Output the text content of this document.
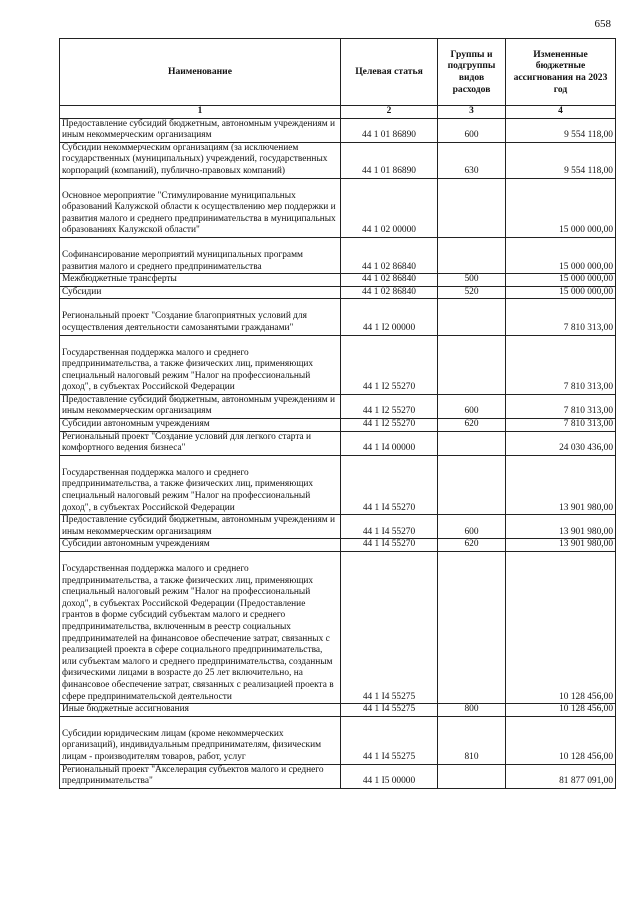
658
Наименование	Целевая статья	Группы и подгруппы видов расходов	Измененные бюджетные ассигнования на 2023 год
1	2	3	4
Предоставление субсидий бюджетным, автономным учреждениям и иным некоммерческим организациям	44 1 01 86890	600	9 554 118,00
Субсидии некоммерческим организациям (за исключением государственных (муниципальных) учреждений, государственных корпораций (компаний), публично-правовых компаний)	44 1 01 86890	630	9 554 118,00

Основное мероприятие "Стимулирование муниципальных образований Калужской области к осуществлению мер поддержки и развития малого и среднего предпринимательства в муниципальных образованиях Калужской области"	44 1 02 00000		15 000 000,00

Софинансирование мероприятий муниципальных программ развития малого и среднего предпринимательства	44 1 02 86840		15 000 000,00
Межбюджетные трансферты	44 1 02 86840	500	15 000 000,00
Субсидии	44 1 02 86840	520	15 000 000,00

Региональный проект "Создание благоприятных условий для осуществления деятельности самозанятыми гражданами"	44 1 I2 00000		7 810 313,00

Государственная поддержка малого и среднего предпринимательства, а также физических лиц, применяющих специальный налоговый режим "Налог на профессиональный доход", в субъектах Российской Федерации	44 1 I2 55270		7 810 313,00
Предоставление субсидий бюджетным, автономным учреждениям и иным некоммерческим организациям	44 1 I2 55270	600	7 810 313,00
Субсидии автономным учреждениям	44 1 I2 55270	620	7 810 313,00
Региональный проект "Создание условий для легкого старта и комфортного ведения бизнеса"	44 1 I4 00000		24 030 436,00

Государственная поддержка малого и среднего предпринимательства, а также физических лиц, применяющих специальный налоговый режим "Налог на профессиональный доход", в субъектах Российской Федерации	44 1 I4 55270		13 901 980,00
Предоставление субсидий бюджетным, автономным учреждениям и иным некоммерческим организациям	44 1 I4 55270	600	13 901 980,00
Субсидии автономным учреждениям	44 1 I4 55270	620	13 901 980,00

Государственная поддержка малого и среднего предпринимательства, а также физических лиц, применяющих специальный налоговый режим "Налог на профессиональный доход", в субъектах Российской Федерации (Предоставление грантов в форме субсидий субъектам малого и среднего предпринимательства, включенным в реестр социальных предпринимателей на финансовое обеспечение затрат, связанных с реализацией проекта в сфере социального предпринимательства, или субъектам малого и среднего предпринимательства, созданным физическими лицами в возрасте до 25 лет включительно, на финансовое обеспечение затрат, связанных с реализацией проекта в сфере предпринимательской деятельности	44 1 I4 55275		10 128 456,00
Иные бюджетные ассигнования	44 1 I4 55275	800	10 128 456,00

Субсидии юридическим лицам (кроме некоммерческих организаций), индивидуальным предпринимателям, физическим лицам - производителям товаров, работ, услуг	44 1 I4 55275	810	10 128 456,00
Региональный проект "Акселерация субъектов малого и среднего предпринимательства"	44 1 I5 00000		81 877 091,00
